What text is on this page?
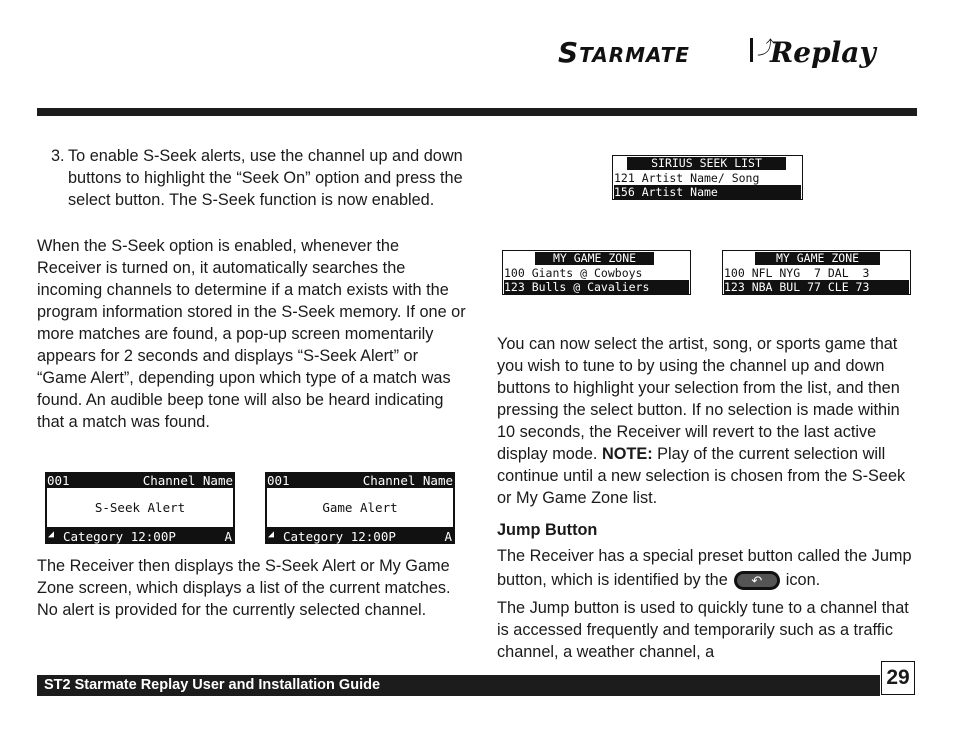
Starmate	⤴
Replay
3. To enable S-Seek alerts, use the channel up and down buttons to highlight the “Seek On” option and press the select button. The S-Seek function is now enabled.

When the S-Seek option is enabled, whenever the Receiver is turned on, it automatically searches the incoming channels to determine if a match exists with the program information stored in the S-Seek memory. If one or more matches are found, a pop-up screen momentarily appears for 2 seconds and displays “S-Seek Alert” or “Game Alert”, depending upon which type of a match was found. An audible beep tone will also be heard indicating that a match was found.

001	Channel Name
S-Seek Alert
◢ Category 12:00P	A
001	Channel Name
Game Alert
◢ Category 12:00P	A

The Receiver then displays the S-Seek Alert or My Game Zone screen, which displays a list of the current matches. No alert is provided for the currently selected channel.

SIRIUS SEEK LIST
121 Artist Name/ Song
156 Artist Name
MY GAME ZONE
100 Giants @ Cowboys
123 Bulls @ Cavaliers
MY GAME ZONE
100 NFL NYG  7 DAL  3
123 NBA BUL 77 CLE 73

You can now select the artist, song, or sports game that you wish to tune to by using the channel up and down buttons to highlight your selection from the list, and then pressing the select button. If no selection is made within 10 seconds, the Receiver will revert to the last active display mode. NOTE: Play of the current selection will continue until a new selection is chosen from the S-Seek or My Game Zone list.

Jump Button

The Receiver has a special preset button called the Jump button, which is identified by the	↶	icon.

The Jump button is used to quickly tune to a channel that is accessed frequently and temporarily such as a traffic channel, a weather channel, a

ST2 Starmate Replay User and Installation Guide	29
